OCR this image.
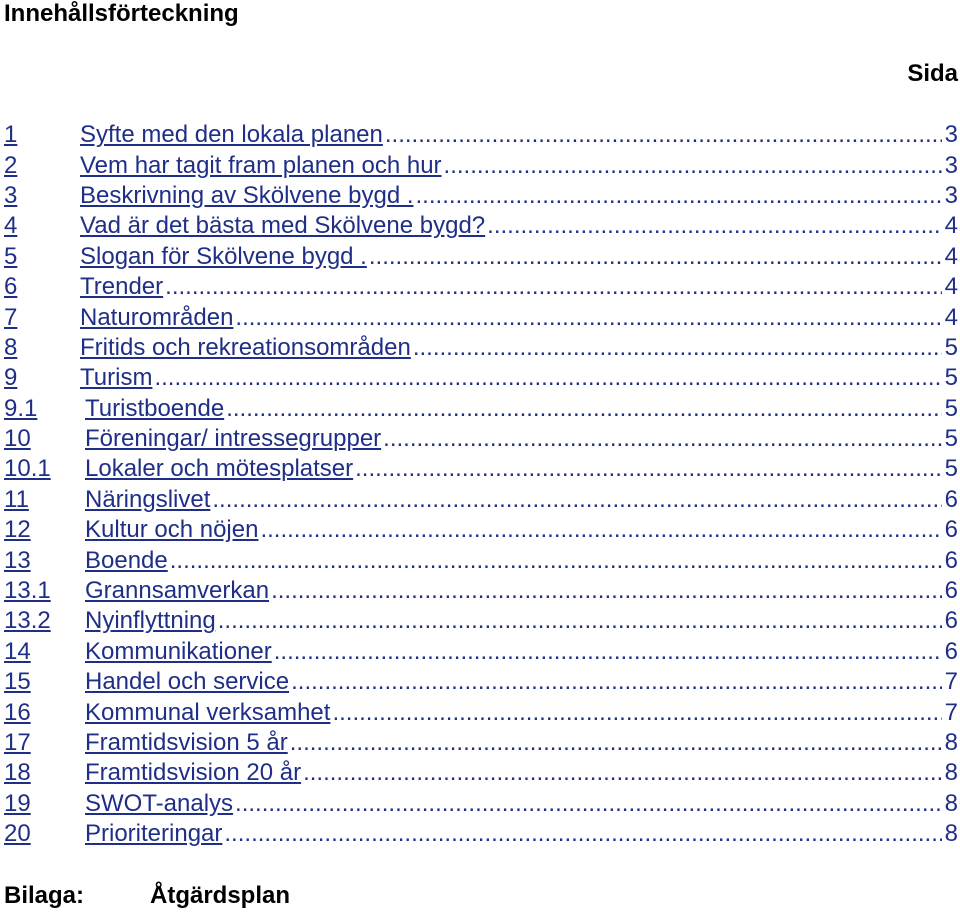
Innehållsförteckning
Sida
1	Syfte med den lokala planen .....	3
2	Vem har tagit fram planen och hur .....	3
3	Beskrivning av Skölvene bygd . .....	3
4	Vad är det bästa med Skölvene bygd? .....	4
5	Slogan för Skölvene bygd . .....	4
6	Trender .....	4
7	Naturområden .....	4
8	Fritids och rekreationsområden .....	5
9	Turism .....	5
9.1	Turistboende .....	5
10	Föreningar/ intressegrupper .....	5
10.1	Lokaler och mötesplatser .....	5
11	Näringslivet .....	6
12	Kultur och nöjen .....	6
13	Boende .....	6
13.1	Grannsamverkan .....	6
13.2	Nyinflyttning .....	6
14	Kommunikationer .....	6
15	Handel och service .....	7
16	Kommunal verksamhet .....	7
17	Framtidsvision 5 år .....	8
18	Framtidsvision 20 år .....	8
19	SWOT-analys .....	8
20	Prioriteringar .....	8
Bilaga:	Åtgärdsplan
